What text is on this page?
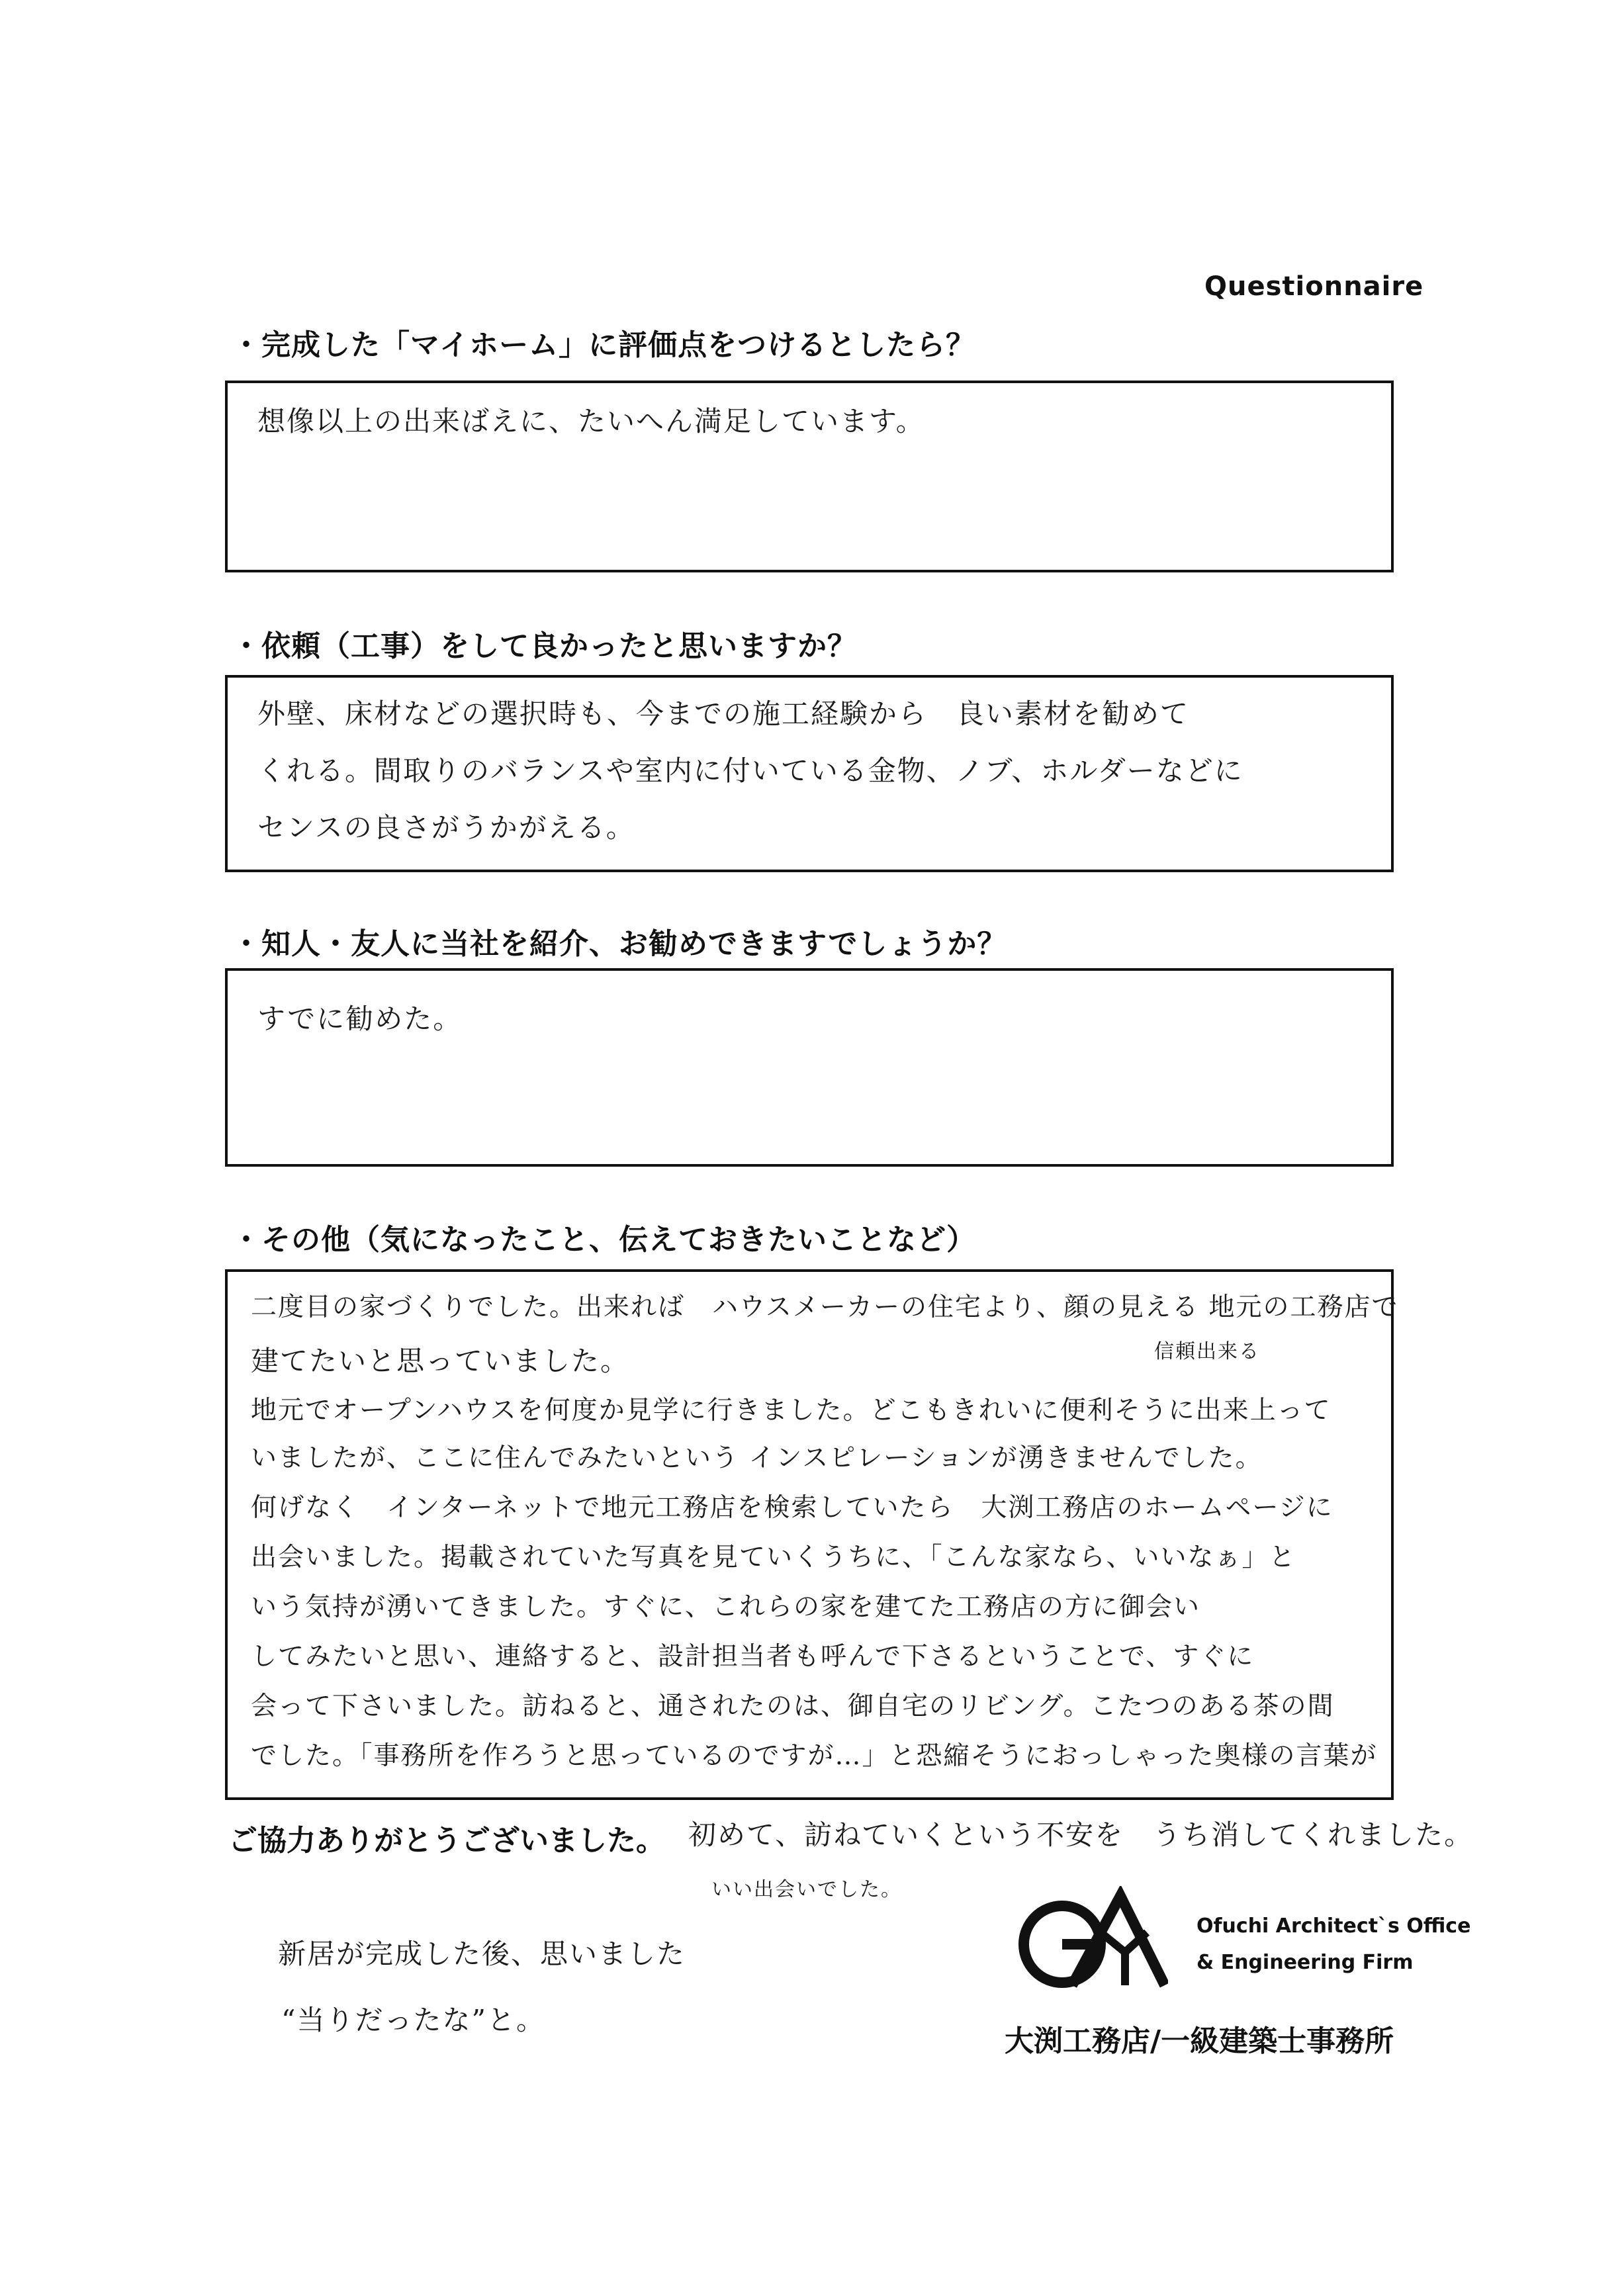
Questionnaire
・完成した「マイホーム」に評価点をつけるとしたら？
想像以上の出来ばえに、たいへん満足しています。
・依頼（工事）をして良かったと思いますか？
外壁、床材などの選択時も、今までの施工経験から　良い素材を勧めて
くれる。間取りのバランスや室内に付いている金物、ノブ、ホルダーなどに
センスの良さがうかがえる。
・知人・友人に当社を紹介、お勧めできますでしょうか？
すでに勧めた。
・その他（気になったこと、伝えておきたいことなど）
二度目の家づくりでした。出来れば　ハウスメーカーの住宅より、顔の見える 地元の工務店で
信頼出来る
建てたいと思っていました。
地元でオープンハウスを何度か見学に行きました。どこもきれいに便利そうに出来上って
いましたが、ここに住んでみたいという インスピレーションが湧きませんでした。
何げなく　インターネットで地元工務店を検索していたら　大渕工務店のホームページに
出会いました。掲載されていた写真を見ていくうちに、「こんな家なら、いいなぁ」と
いう気持が湧いてきました。すぐに、これらの家を建てた工務店の方に御会い
してみたいと思い、連絡すると、設計担当者も呼んで下さるということで、すぐに
会って下さいました。訪ねると、通されたのは、御自宅のリビング。こたつのある茶の間
でした。「事務所を作ろうと思っているのですが…」と恐縮そうにおっしゃった奥様の言葉が
ご協力ありがとうございました。 初めて、訪ねていくという不安を　うち消してくれました。
いい出会いでした。
新居が完成した後、思いました
“当りだったな”と。
Ofuchi Architect`s Office
& Engineering Firm
大渕工務店/一級建築士事務所
